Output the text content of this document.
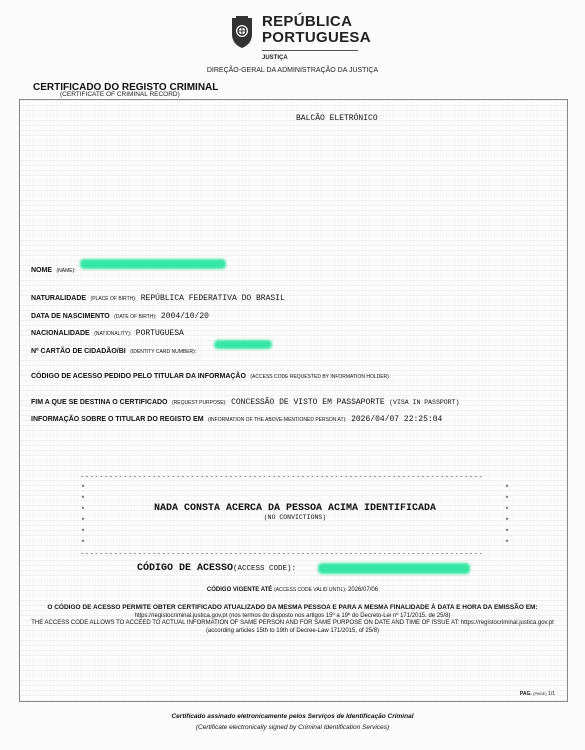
REPÚBLICA
PORTUGUESA
JUSTIÇA
DIREÇÃO-GERAL DA ADMINISTRAÇÃO DA JUSTIÇA
CERTIFICADO DO REGISTO CRIMINAL
(CERTIFICATE OF CRIMINAL RECORD)
BALCÃO ELETRÓNICO
NOME (NAME):
NATURALIDADE (PLACE OF BIRTH): REPÚBLICA FEDERATIVA DO BRASIL
DATA DE NASCIMENTO (DATE OF BIRTH): 2004/10/20
NACIONALIDADE (NATIONALITY): PORTUGUESA
Nº CARTÃO DE CIDADÃO/BI (IDENTITY CARD NUMBER):
CÓDIGO DE ACESSO PEDIDO PELO TITULAR DA INFORMAÇÃO (ACCESS CODE REQUESTED BY INFORMATION HOLDER)
FIM A QUE SE DESTINA O CERTIFICADO (REQUEST PURPOSE): CONCESSÃO DE VISTO EM PASSAPORTE (VISA IN PASSPORT)
INFORMAÇÃO SOBRE O TITULAR DO REGISTO EM (INFORMATION OF THE ABOVE-MENTIONED PERSON AT): 2026/04/07 22:25:04
************************************************************************************
************************************************************************************
*
*
*
*
*
*
*
*
*
*
*
*
NADA CONSTA ACERCA DA PESSOA ACIMA IDENTIFICADA
(NO CONVICTIONS)
CÓDIGO DE ACESSO(ACCESS CODE):
CÓDIGO VIGENTE ATÉ (ACCESS CODE VALID UNTIL): 2026/07/06
O CÓDIGO DE ACESSO PERMITE OBTER CERTIFICADO ATUALIZADO DA MESMA PESSOA E PARA A MESMA FINALIDADE À DATA E HORA DA EMISSÃO EM:
https://registocriminal.justica.gov.pt (nos termos do disposto nos artigos 15º a 19º do Decreto-Lei nº 171/2015, de 25/8)
THE ACCESS CODE ALLOWS TO ACCEED TO ACTUAL INFORMATION OF SAME PERSON AND FOR SAME PURPOSE ON DATE AND TIME OF ISSUE AT: https://registocriminal.justica.gov.pt
(according articles 15th to 19th of Decree-Law 171/2015, of 25/8)
PAG. (PAGE) 1/1
Certificado assinado eletronicamente pelos Serviços de Identificação Criminal
(Certificate electronically signed by Criminal Identification Services)
